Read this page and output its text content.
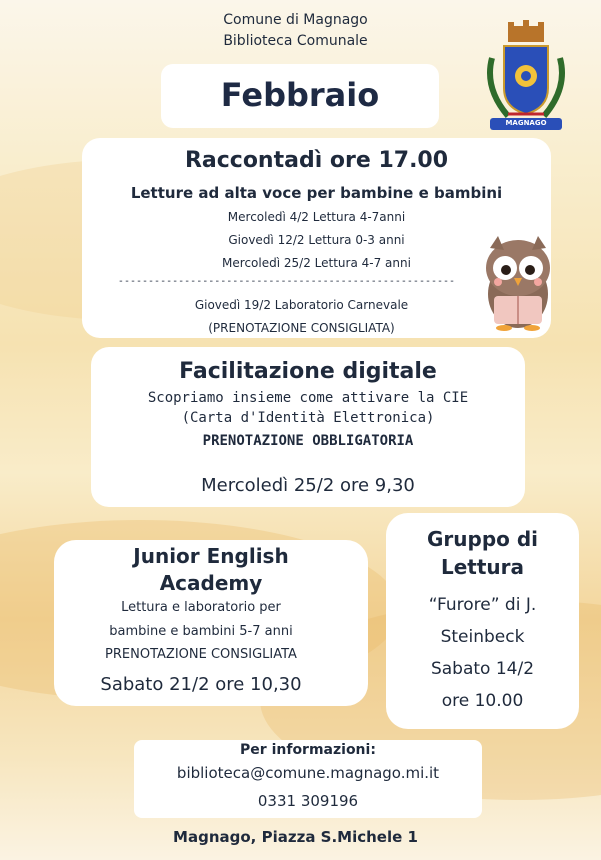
Comune di Magnago
Biblioteca Comunale
Febbraio
MAGNAGO
Raccontadì ore 17.00
Letture ad alta voce per bambine e bambini
Mercoledì 4/2 Lettura 4-7anni
Giovedì 12/2 Lettura 0-3 anni
Mercoledì 25/2 Lettura 4-7 anni
--------------------------------------------------------
Giovedì 19/2 Laboratorio Carnevale
(PRENOTAZIONE CONSIGLIATA)
Facilitazione digitale
Scopriamo insieme come attivare la CIE
(Carta d'Identità Elettronica)
PRENOTAZIONE OBBLIGATORIA
Mercoledì 25/2 ore 9,30
Junior English
Academy
Lettura e laboratorio per
bambine e bambini 5-7 anni
PRENOTAZIONE CONSIGLIATA
Sabato 21/2 ore 10,30
Gruppo di
Lettura
“Furore” di J.
Steinbeck
Sabato 14/2
ore 10.00
Per informazioni:
biblioteca@comune.magnago.mi.it
0331 309196
Magnago, Piazza S.Michele 1
